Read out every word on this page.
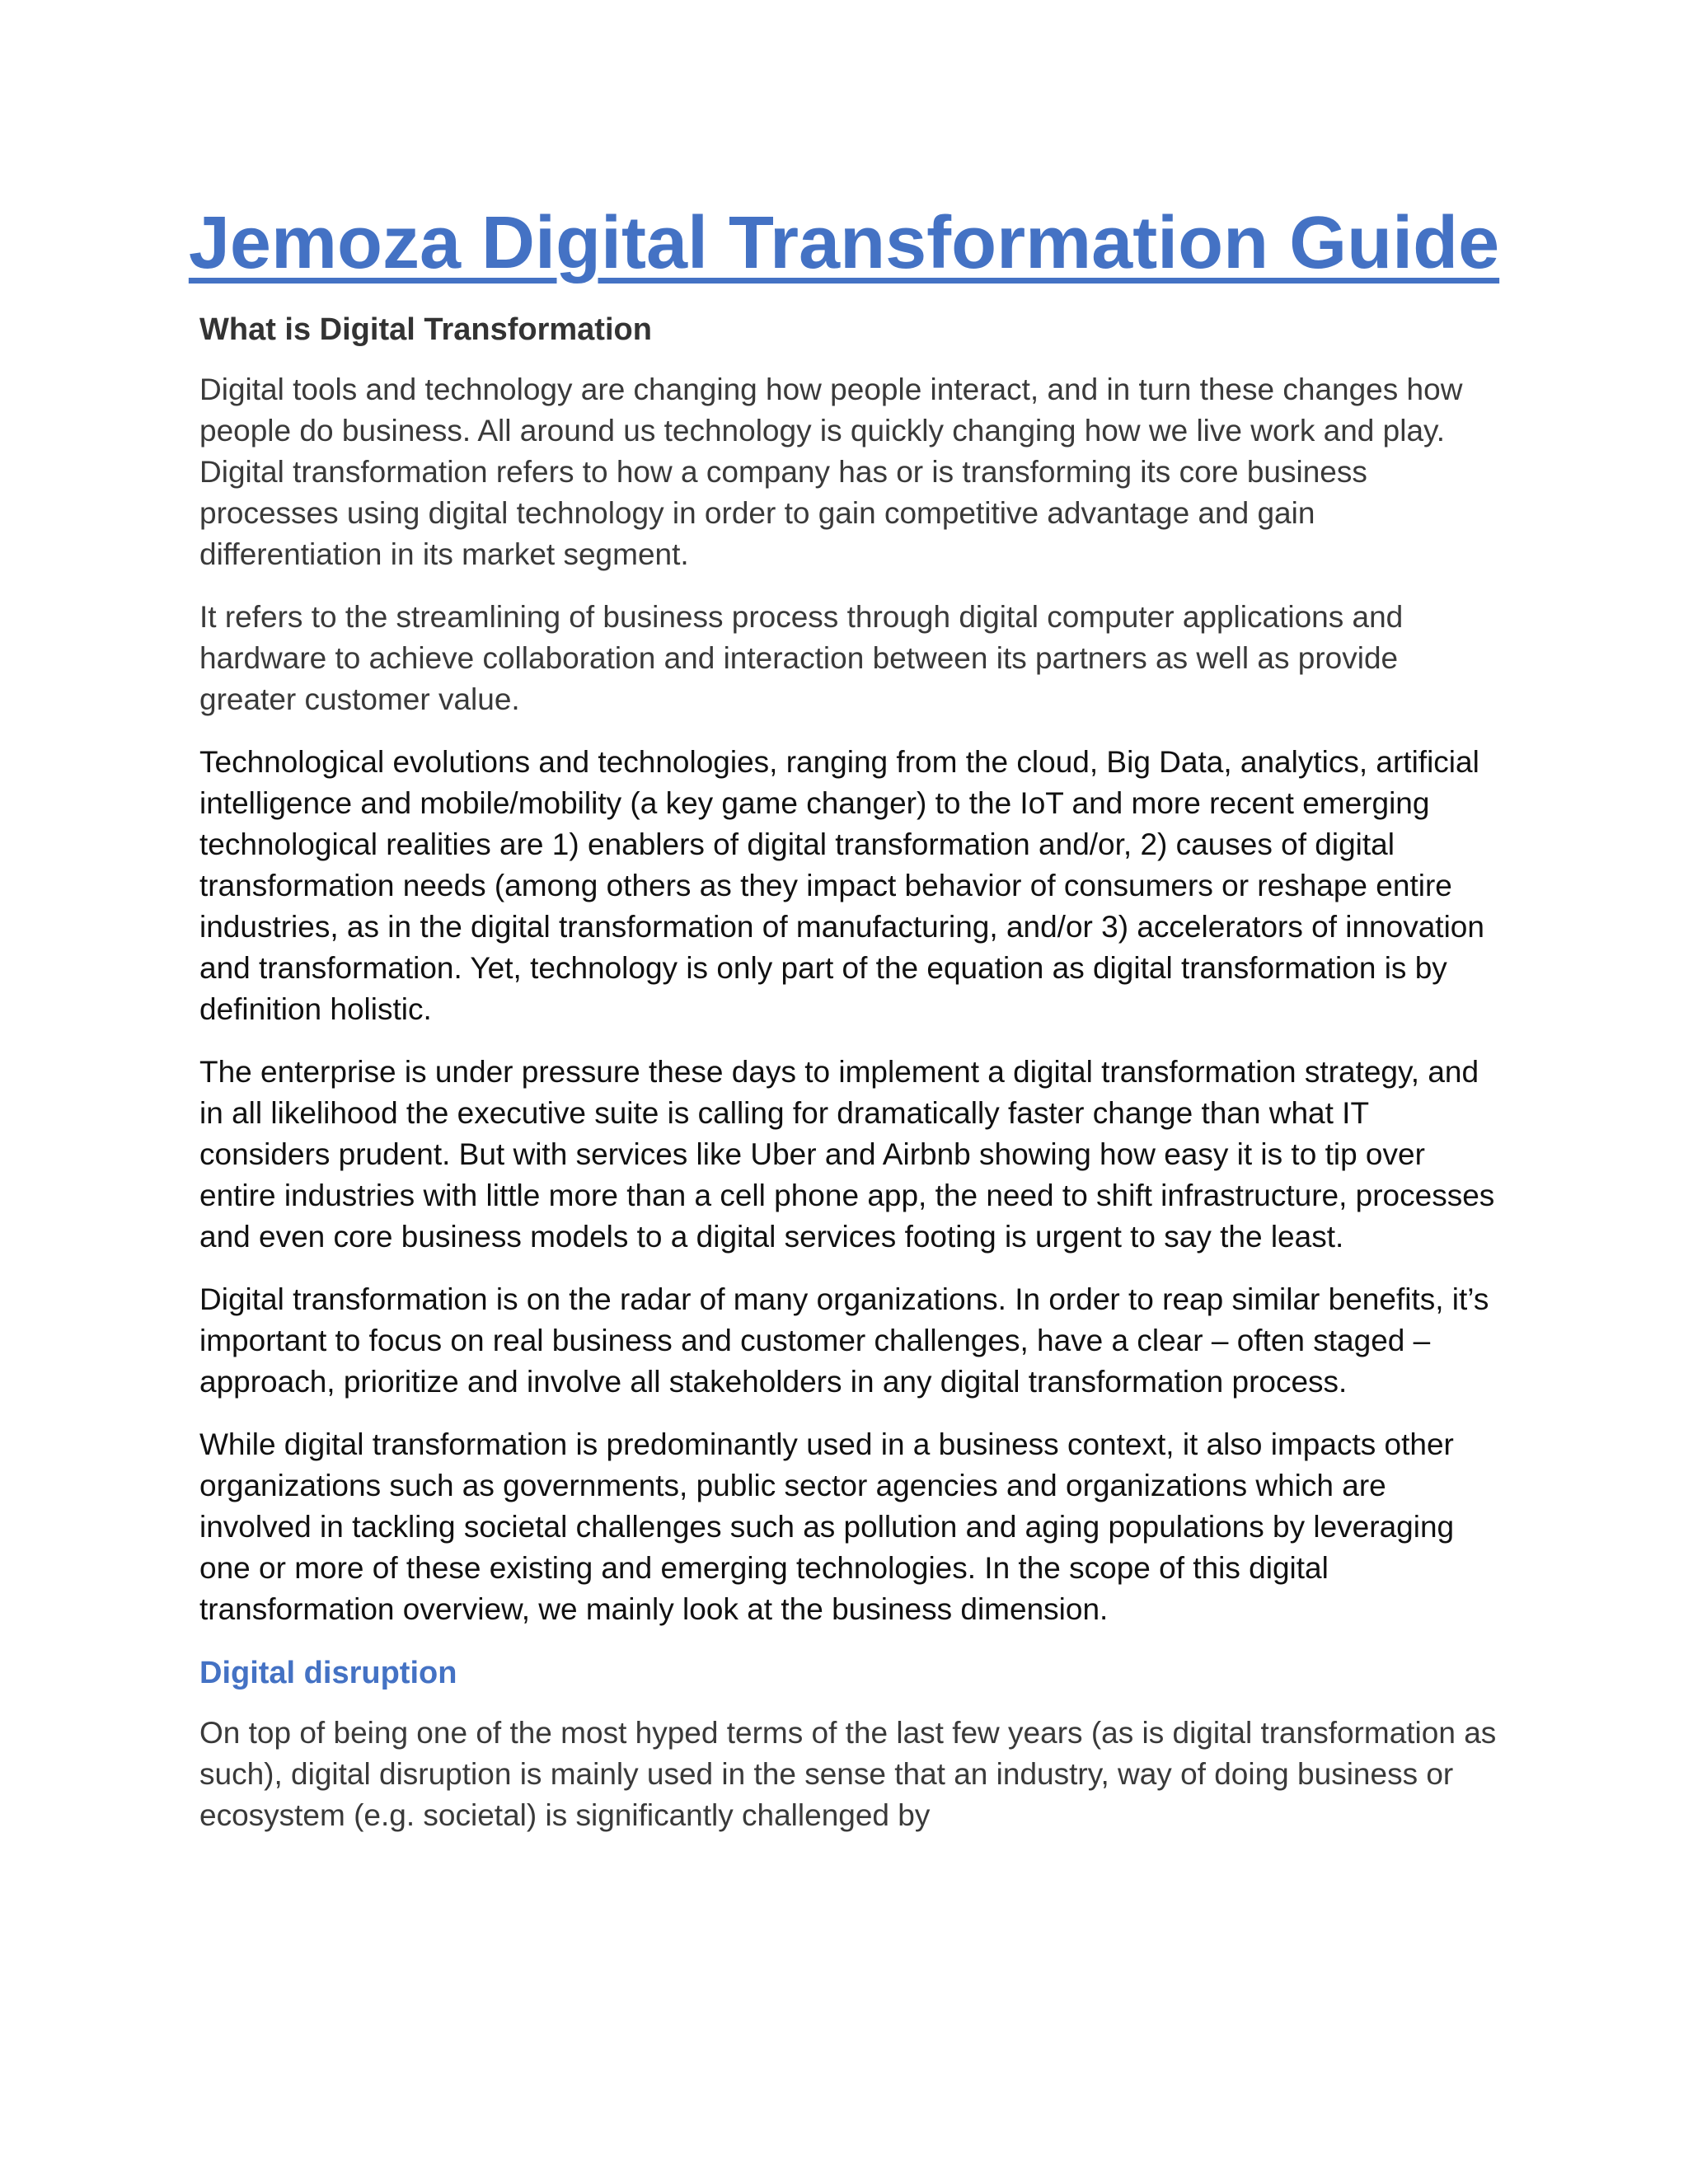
Jemoza Digital Transformation Guide
What is Digital Transformation

Digital tools and technology are changing how people interact, and in turn these changes how people do business. All around us technology is quickly changing how we live work and play. Digital transformation refers to how a company has or is transforming its core business processes using digital technology in order to gain competitive advantage and gain differentiation in its market segment.

It refers to the streamlining of business process through digital computer applications and hardware to achieve collaboration and interaction between its partners as well as provide greater customer value.

Technological evolutions and technologies, ranging from the cloud, Big Data, analytics, artificial intelligence and mobile/mobility (a key game changer) to the IoT and more recent emerging technological realities are 1) enablers of digital transformation and/or, 2) causes of digital transformation needs (among others as they impact behavior of consumers or reshape entire industries, as in the digital transformation of manufacturing, and/or 3) accelerators of innovation and transformation. Yet, technology is only part of the equation as digital transformation is by definition holistic.

The enterprise is under pressure these days to implement a digital transformation strategy, and in all likelihood the executive suite is calling for dramatically faster change than what IT considers prudent. But with services like Uber and Airbnb showing how easy it is to tip over entire industries with little more than a cell phone app, the need to shift infrastructure, processes and even core business models to a digital services footing is urgent to say the least.

Digital transformation is on the radar of many organizations. In order to reap similar benefits, it’s important to focus on real business and customer challenges, have a clear – often staged – approach, prioritize and involve all stakeholders in any digital transformation process.

While digital transformation is predominantly used in a business context, it also impacts other organizations such as governments, public sector agencies and organizations which are involved in tackling societal challenges such as pollution and aging populations by leveraging one or more of these existing and emerging technologies. In the scope of this digital transformation overview, we mainly look at the business dimension.

Digital disruption

On top of being one of the most hyped terms of the last few years (as is digital transformation as such), digital disruption is mainly used in the sense that an industry, way of doing business or ecosystem (e.g. societal) is significantly challenged by
